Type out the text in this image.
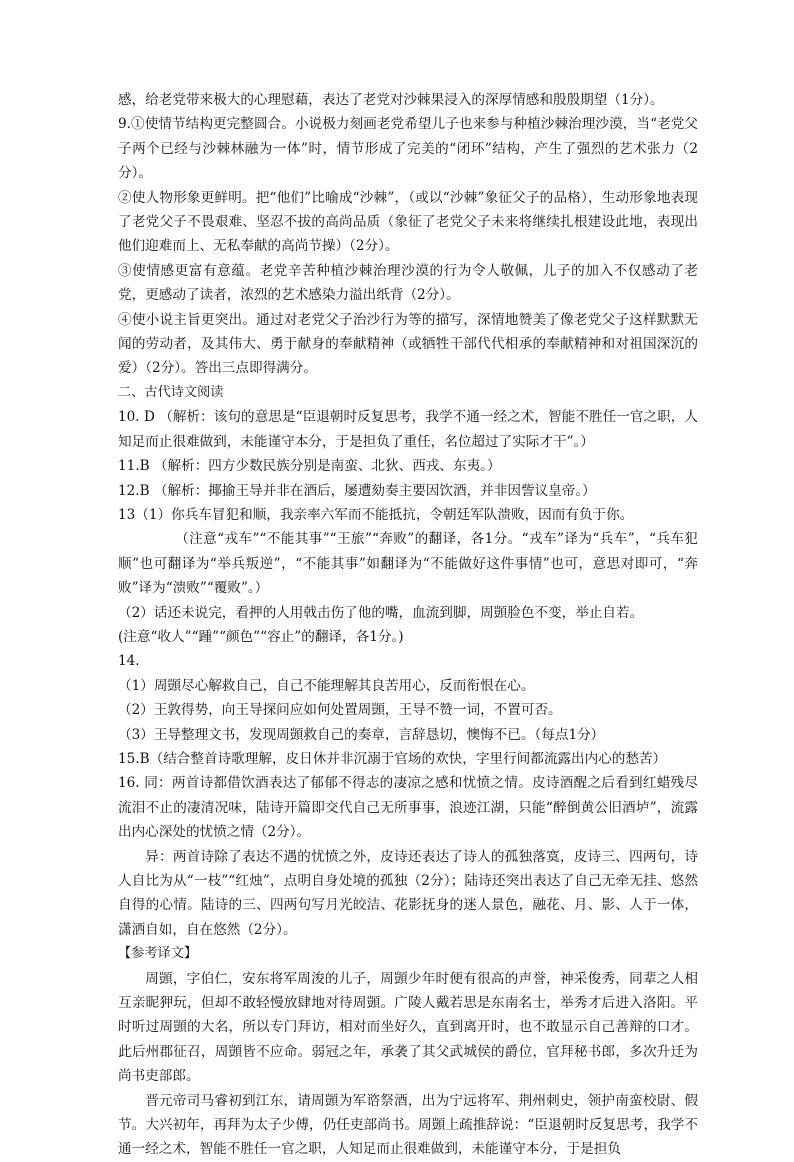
感，给老党带来极大的心理慰藉，表达了老党对沙棘果浸入的深厚情感和殷殷期望（1分）。

9.①使情节结构更完整圆合。小说极力刻画老党希望儿子也来参与种植沙棘治理沙漠，当“老党父子两个已经与沙棘林融为一体”时，情节形成了完美的“闭环”结构，产生了强烈的艺术张力（2分）。

②使人物形象更鲜明。把“他们”比喻成“沙棘”，（或以“沙棘”象征父子的品格），生动形象地表现了老党父子不畏艰难、坚忍不拔的高尚品质（象征了老党父子未来将继续扎根建设此地，表现出他们迎难而上、无私奉献的高尚节操）（2分）。

③使情感更富有意蕴。老党辛苦种植沙棘治理沙漠的行为令人敬佩，儿子的加入不仅感动了老党，更感动了读者，浓烈的艺术感染力溢出纸背（2分）。

④使小说主旨更突出。通过对老党父子治沙行为等的描写，深情地赞美了像老党父子这样默默无闻的劳动者，及其伟大、勇于献身的奉献精神（或牺牲干部代代相承的奉献精神和对祖国深沉的爱）（2分）。答出三点即得满分。

二、古代诗文阅读

10. D （解析：该句的意思是“臣退朝时反复思考，我学不通一经之术，智能不胜任一官之职，人知足而止很难做到，未能谨守本分，于是担负了重任，名位超过了实际才干”。）

11.B （解析：四方少数民族分别是南蛮、北狄、西戎、东夷。）

12.B （解析：揶揄王导并非在酒后，屡遭劾奏主要因饮酒，并非因訾议皇帝。）

13（1）你兵车冒犯和顺，我亲率六军而不能抵抗，令朝廷军队溃败，因而有负于你。

（注意“戎车”“不能其事”“王旅”“奔败”的翻译，各1分。“戎车”译为“兵车”，“兵车犯顺”也可翻译为“举兵叛逆”，“不能其事”如翻译为“不能做好这件事情”也可，意思对即可，“奔败”译为“溃败”“覆败”。）

（2）话还未说完，看押的人用戟击伤了他的嘴，血流到脚，周顗脸色不变，举止自若。

(注意“收人”“踵”“颜色”“容止”的翻译，各1分。)

14.

（1）周顗尽心解救自己，自己不能理解其良苦用心，反而衔恨在心。

（2）王敦得势，向王导探问应如何处置周顗，王导不赞一词，不置可否。

（3）王导整理文书，发现周顗救自己的奏章，言辞恳切，懊悔不已。（每点1分）

15.B（结合整首诗歌理解，皮日休并非沉溺于官场的欢快，字里行间都流露出内心的愁苦）

16. 同：两首诗都借饮酒表达了郁郁不得志的凄凉之感和忧愤之情。皮诗酒醒之后看到红蜡残尽流泪不止的凄清况味，陆诗开篇即交代自己无所事事，浪迹江湖，只能“醉倒黄公旧酒垆”，流露出内心深处的忧愤之情（2分）。

异：两首诗除了表达不遇的忧愤之外，皮诗还表达了诗人的孤独落寞，皮诗三、四两句，诗人自比为从“一枝”“红烛”，点明自身处境的孤独（2分）；陆诗还突出表达了自己无牵无挂、悠然自得的心情。陆诗的三、四两句写月光皎洁、花影抚身的迷人景色，融花、月、影、人于一体，潇洒自如，自在悠然（2分）。

【参考译文】

周顗，字伯仁，安东将军周浚的儿子，周顗少年时便有很高的声誉，神采俊秀，同辈之人相互亲昵狎玩，但却不敢轻慢放肆地对待周顗。广陵人戴若思是东南名士，举秀才后进入洛阳。平时听过周顗的大名，所以专门拜访，相对而坐好久，直到离开时，也不敢显示自己善辩的口才。此后州郡征召，周顗皆不应命。弱冠之年，承袭了其父武城侯的爵位，官拜秘书郎，多次升迁为尚书吏部郎。

晋元帝司马睿初到江东，请周顗为军谘祭酒，出为宁远将军、荆州刺史，领护南蛮校尉、假节。大兴初年，再拜为太子少傅，仍任吏部尚书。周顗上疏推辞说：“臣退朝时反复思考，我学不通一经之术，智能不胜任一官之职，人知足而止很难做到，未能谨守本分，于是担负
